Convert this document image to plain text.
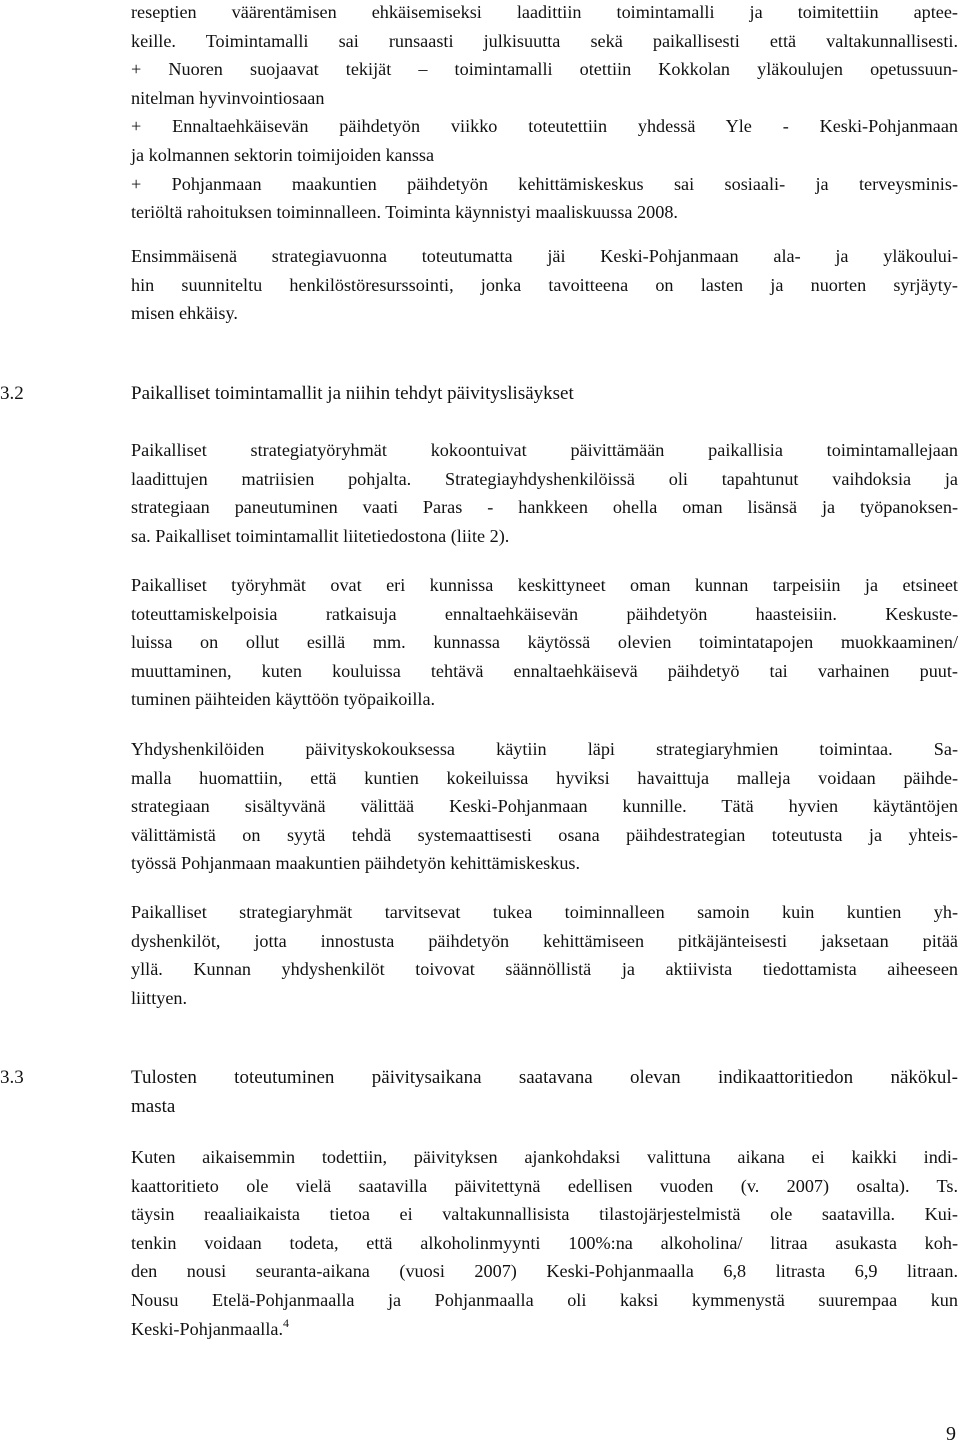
reseptien väärentämisen ehkäisemiseksi laadittiin toimintamalli ja toimitettiin aptee-
keille. Toimintamalli sai runsaasti julkisuutta sekä paikallisesti että valtakunnallisesti.
+ Nuoren suojaavat tekijät – toimintamalli otettiin Kokkolan yläkoulujen opetussuun-
nitelman hyvinvointiosaan
+ Ennaltaehkäisevän päihdetyön viikko toteutettiin yhdessä Yle - Keski-Pohjanmaan
ja kolmannen sektorin toimijoiden kanssa
+ Pohjanmaan maakuntien päihdetyön kehittämiskeskus sai sosiaali- ja terveysminis-
teriöltä rahoituksen toiminnalleen. Toiminta käynnistyi maaliskuussa 2008.
Ensimmäisenä strategiavuonna toteutumatta jäi Keski-Pohjanmaan ala- ja yläkoului-
hin suunniteltu henkilöstöresurssointi, jonka tavoitteena on lasten ja nuorten syrjäyty-
misen ehkäisy.
3.2	Paikalliset toimintamallit ja niihin tehdyt päivityslisäykset
Paikalliset strategiatyöryhmät kokoontuivat päivittämään paikallisia toimintamallejaan
laadittujen matriisien pohjalta. Strategiayhdyshenkilöissä oli tapahtunut vaihdoksia ja
strategiaan paneutuminen vaati Paras - hankkeen ohella oman lisänsä ja työpanoksen-
sa. Paikalliset toimintamallit liitetiedostona (liite 2).
Paikalliset työryhmät ovat eri kunnissa keskittyneet oman kunnan tarpeisiin ja etsineet
toteuttamiskelpoisia ratkaisuja ennaltaehkäisevän päihdetyön haasteisiin. Keskuste-
luissa on ollut esillä mm. kunnassa käytössä olevien toimintatapojen muokkaaminen/
muuttaminen, kuten kouluissa tehtävä ennaltaehkäisevä päihdetyö tai varhainen puut-
tuminen päihteiden käyttöön työpaikoilla.
Yhdyshenkilöiden päivityskokouksessa käytiin läpi strategiaryhmien toimintaa. Sa-
malla huomattiin, että kuntien kokeiluissa hyviksi havaittuja malleja voidaan päihde-
strategiaan sisältyvänä välittää Keski-Pohjanmaan kunnille. Tätä hyvien käytäntöjen
välittämistä on syytä tehdä systemaattisesti osana päihdestrategian toteutusta ja yhteis-
työssä Pohjanmaan maakuntien päihdetyön kehittämiskeskus.
Paikalliset strategiaryhmät tarvitsevat tukea toiminnalleen samoin kuin kuntien yh-
dyshenkilöt, jotta innostusta päihdetyön kehittämiseen pitkäjänteisesti jaksetaan pitää
yllä. Kunnan yhdyshenkilöt toivovat säännöllistä ja aktiivista tiedottamista aiheeseen
liittyen.
3.3	Tulosten toteutuminen päivitysaikana saatavana olevan indikaattoritiedon näkökul-
masta
Kuten aikaisemmin todettiin, päivityksen ajankohdaksi valittuna aikana ei kaikki indi-
kaattoritieto ole vielä saatavilla päivitettynä edellisen vuoden (v. 2007) osalta). Ts.
täysin reaaliaikaista tietoa ei valtakunnallisista tilastojärjestelmistä ole saatavilla. Kui-
tenkin voidaan todeta, että alkoholinmyynti 100%:na alkoholina/ litraa asukasta koh-
den nousi seuranta-aikana (vuosi 2007) Keski-Pohjanmaalla 6,8 litrasta 6,9 litraan.
Nousu Etelä-Pohjanmaalla ja Pohjanmaalla oli kaksi kymmenystä suurempaa kun
Keski-Pohjanmaalla.$^4$
9
